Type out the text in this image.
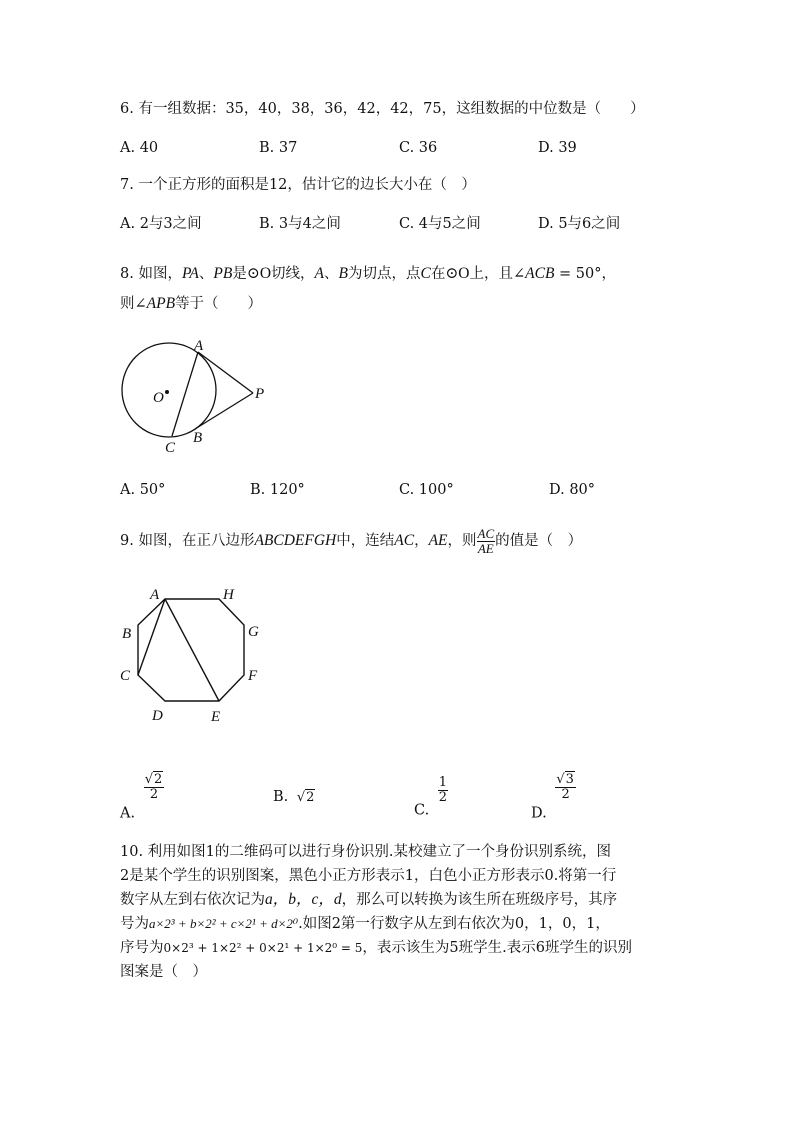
6. 有一组数据：35，40，38，36，42，42，75，这组数据的中位数是（　　）
A. 40	B. 37	C. 36	D. 39
7. 一个正方形的面积是12，估计它的边长大小在（　）
A. 2与3之间	B. 3与4之间	C. 4与5之间	D. 5与6之间
8. 如图，PA、PB是⊙O切线，A、B为切点，点C在⊙O上，且∠ACB = 50°，
则∠APB等于（　　）
A
O	P
B
C
A. 50°	B. 120°	C. 100°	D. 80°
9. 如图，在正八边形ABCDEFGH中，连结AC，AE，则 $\frac{AC}{AE}$ 的值是（　）
A	H
B	G
C	F
D	E
A.
$\frac{√2}{2}$	B. √2
C.
$\frac{1}{2}$
D.
$\frac{√3}{2}$
10. 利用如图1的二维码可以进行身份识别.某校建立了一个身份识别系统，图
2是某个学生的识别图案，黑色小正方形表示1，白色小正方形表示0.将第一行
数字从左到右依次记为a，b，c，d，那么可以转换为该生所在班级序号，其序
号为a×2³ + b×2² + c×2¹ + d×2⁰.如图2第一行数字从左到右依次为0，1，0，1，
序号为0×2³ + 1×2² + 0×2¹ + 1×2⁰ = 5，表示该生为5班学生.表示6班学生的识别
图案是（　）
